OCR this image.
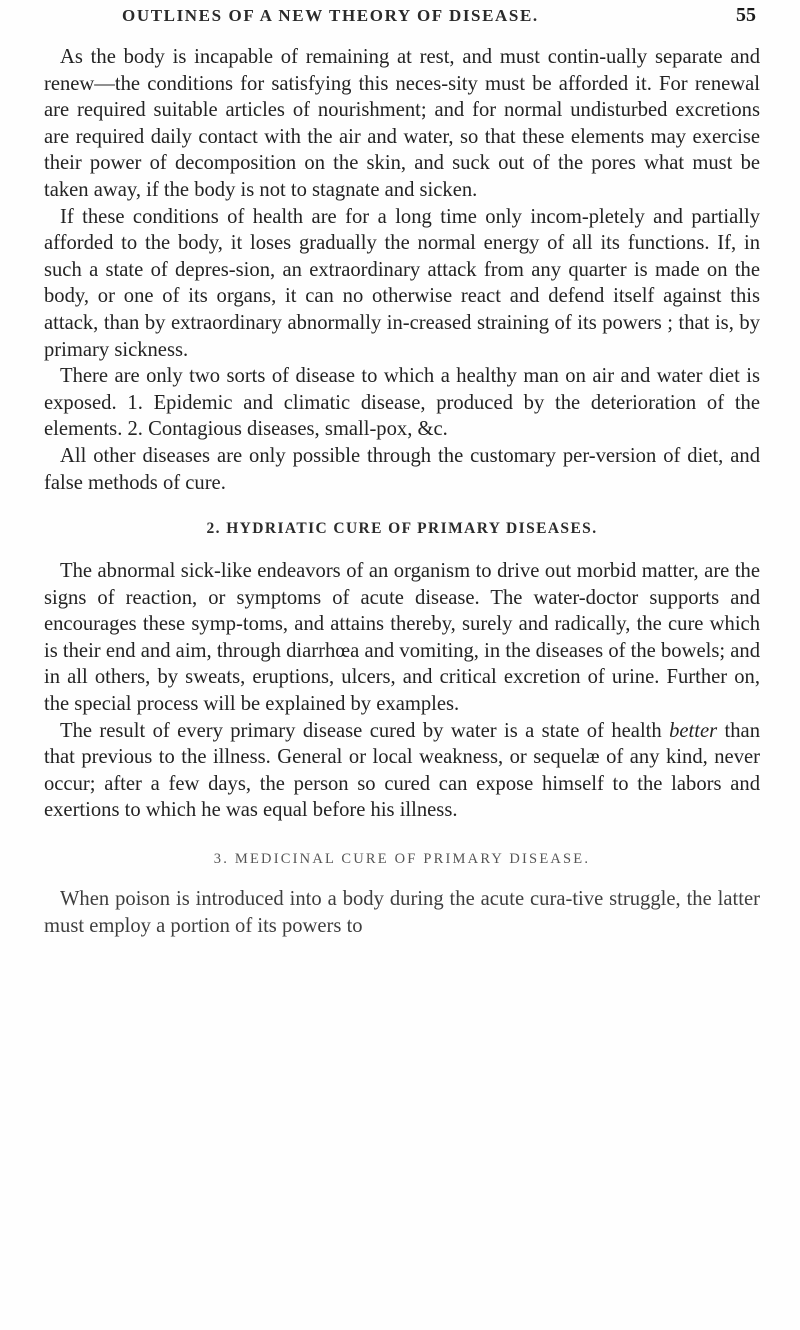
OUTLINES OF A NEW THEORY OF DISEASE.	55

As the body is incapable of remaining at rest, and must contin-ually separate and renew—the conditions for satisfying this neces-sity must be afforded it. For renewal are required suitable articles of nourishment; and for normal undisturbed excretions are required daily contact with the air and water, so that these elements may exercise their power of decomposition on the skin, and suck out of the pores what must be taken away, if the body is not to stagnate and sicken.

If these conditions of health are for a long time only incom-pletely and partially afforded to the body, it loses gradually the normal energy of all its functions. If, in such a state of depres-sion, an extraordinary attack from any quarter is made on the body, or one of its organs, it can no otherwise react and defend itself against this attack, than by extraordinary abnormally in-creased straining of its powers ; that is, by primary sickness.

There are only two sorts of disease to which a healthy man on air and water diet is exposed. 1. Epidemic and climatic disease, produced by the deterioration of the elements. 2. Contagious diseases, small-pox, &c.

All other diseases are only possible through the customary per-version of diet, and false methods of cure.

2. HYDRIATIC CURE OF PRIMARY DISEASES.

The abnormal sick-like endeavors of an organism to drive out morbid matter, are the signs of reaction, or symptoms of acute disease. The water-doctor supports and encourages these symp-toms, and attains thereby, surely and radically, the cure which is their end and aim, through diarrhœa and vomiting, in the diseases of the bowels; and in all others, by sweats, eruptions, ulcers, and critical excretion of urine. Further on, the special process will be explained by examples.

The result of every primary disease cured by water is a state of health better than that previous to the illness. General or local weakness, or sequelæ of any kind, never occur; after a few days, the person so cured can expose himself to the labors and exertions to which he was equal before his illness.

3. MEDICINAL CURE OF PRIMARY DISEASE.

When poison is introduced into a body during the acute cura-tive struggle, the latter must employ a portion of its powers to
